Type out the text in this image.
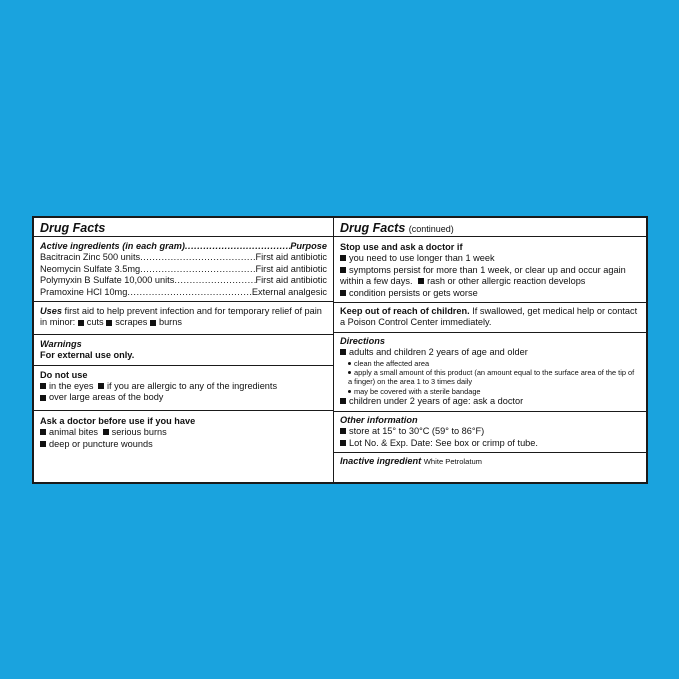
Drug Facts
Active ingredients (in each gram) .....	Purpose
Bacitracin Zinc 500 units .....	First aid antibiotic
Neomycin Sulfate 3.5mg .....	First aid antibiotic
Polymyxin B Sulfate 10,000 units .....	First aid antibiotic
Pramoxine HCl 10mg .....	External analgesic
Uses first aid to help prevent infection and for temporary relief of pain in minor: cuts scrapes burns
Warnings
For external use only.
Do not use
in the eyes if you are allergic to any of the ingredients
over large areas of the body
Ask a doctor before use if you have
animal bites serious burns
deep or puncture wounds
Drug Facts (continued)
Stop use and ask a doctor if
you need to use longer than 1 week
symptoms persist for more than 1 week, or clear up and occur again within a few days. rash or other allergic reaction develops
condition persists or gets worse
Keep out of reach of children. If swallowed, get medical help or contact a Poison Control Center immediately.
Directions
adults and children 2 years of age and older
clean the affected area
apply a small amount of this product (an amount equal to the surface area of the tip of a finger) on the area 1 to 3 times daily
may be covered with a sterile bandage
children under 2 years of age: ask a doctor
Other information
store at 15° to 30°C (59° to 86°F)
Lot No. & Exp. Date: See box or crimp of tube.
Inactive ingredient White Petrolatum
